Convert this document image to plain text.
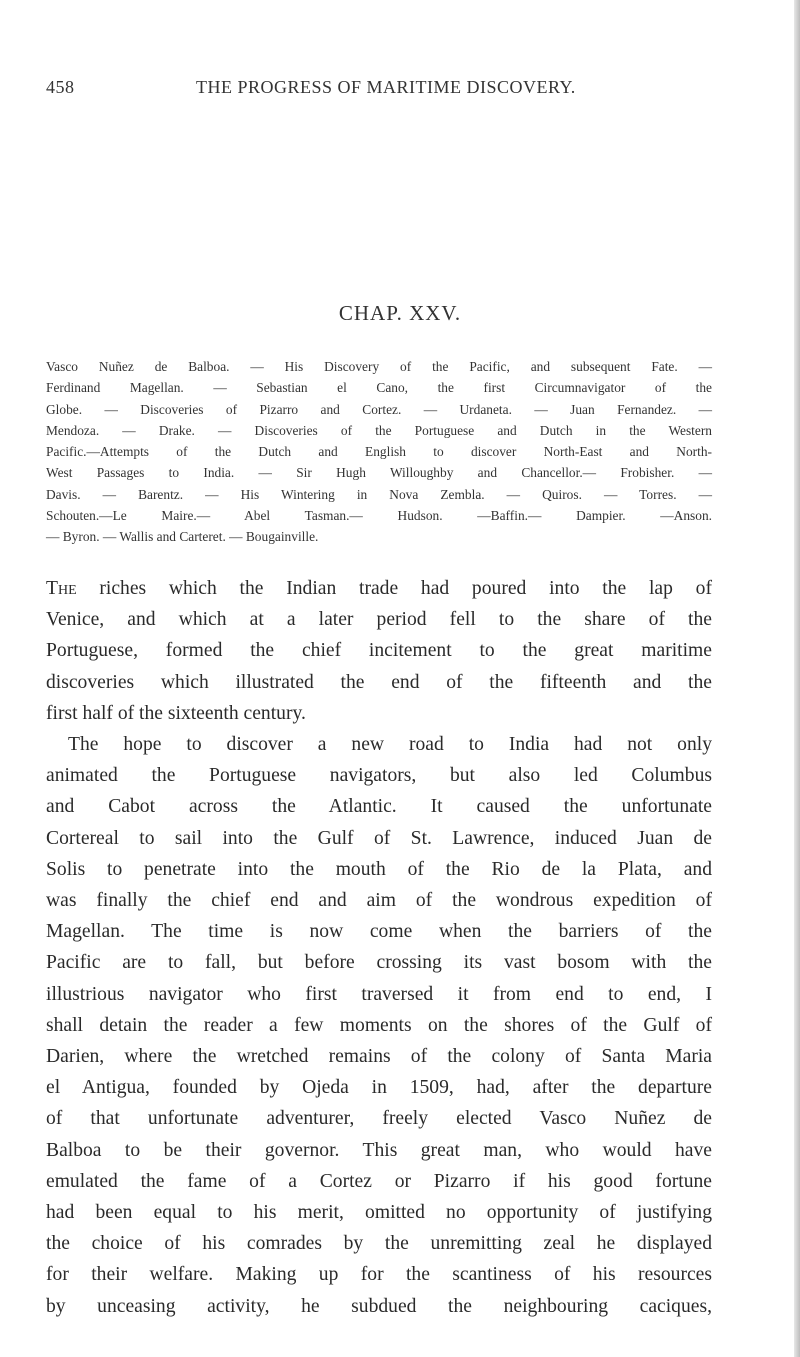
458	THE PROGRESS OF MARITIME DISCOVERY.
CHAP. XXV.
Vasco Nuñez de Balboa. — His Discovery of the Pacific, and subsequent Fate. —
Ferdinand Magellan. — Sebastian el Cano, the first Circumnavigator of the
Globe. — Discoveries of Pizarro and Cortez. — Urdaneta. — Juan Fernandez. —
Mendoza. — Drake. — Discoveries of the Portuguese and Dutch in the Western
Pacific.—Attempts of the Dutch and English to discover North-East and North-
West Passages to India. — Sir Hugh Willoughby and Chancellor.— Frobisher. —
Davis. — Barentz. — His Wintering in Nova Zembla. — Quiros. — Torres. —
Schouten.—Le Maire.— Abel Tasman.— Hudson. —Baffin.— Dampier. —Anson.
— Byron. — Wallis and Carteret. — Bougainville.
The riches which the Indian trade had poured into the lap of
Venice, and which at a later period fell to the share of the
Portuguese, formed the chief incitement to the great maritime
discoveries which illustrated the end of the fifteenth and the
first half of the sixteenth century.
The hope to discover a new road to India had not only
animated the Portuguese navigators, but also led Columbus
and Cabot across the Atlantic. It caused the unfortunate
Cortereal to sail into the Gulf of St. Lawrence, induced Juan de
Solis to penetrate into the mouth of the Rio de la Plata, and
was finally the chief end and aim of the wondrous expedition of
Magellan. The time is now come when the barriers of the
Pacific are to fall, but before crossing its vast bosom with the
illustrious navigator who first traversed it from end to end, I
shall detain the reader a few moments on the shores of the Gulf of
Darien, where the wretched remains of the colony of Santa Maria
el Antigua, founded by Ojeda in 1509, had, after the departure
of that unfortunate adventurer, freely elected Vasco Nuñez de
Balboa to be their governor. This great man, who would have
emulated the fame of a Cortez or Pizarro if his good fortune
had been equal to his merit, omitted no opportunity of justifying
the choice of his comrades by the unremitting zeal he displayed
for their welfare. Making up for the scantiness of his resources
by unceasing activity, he subdued the neighbouring caciques,
